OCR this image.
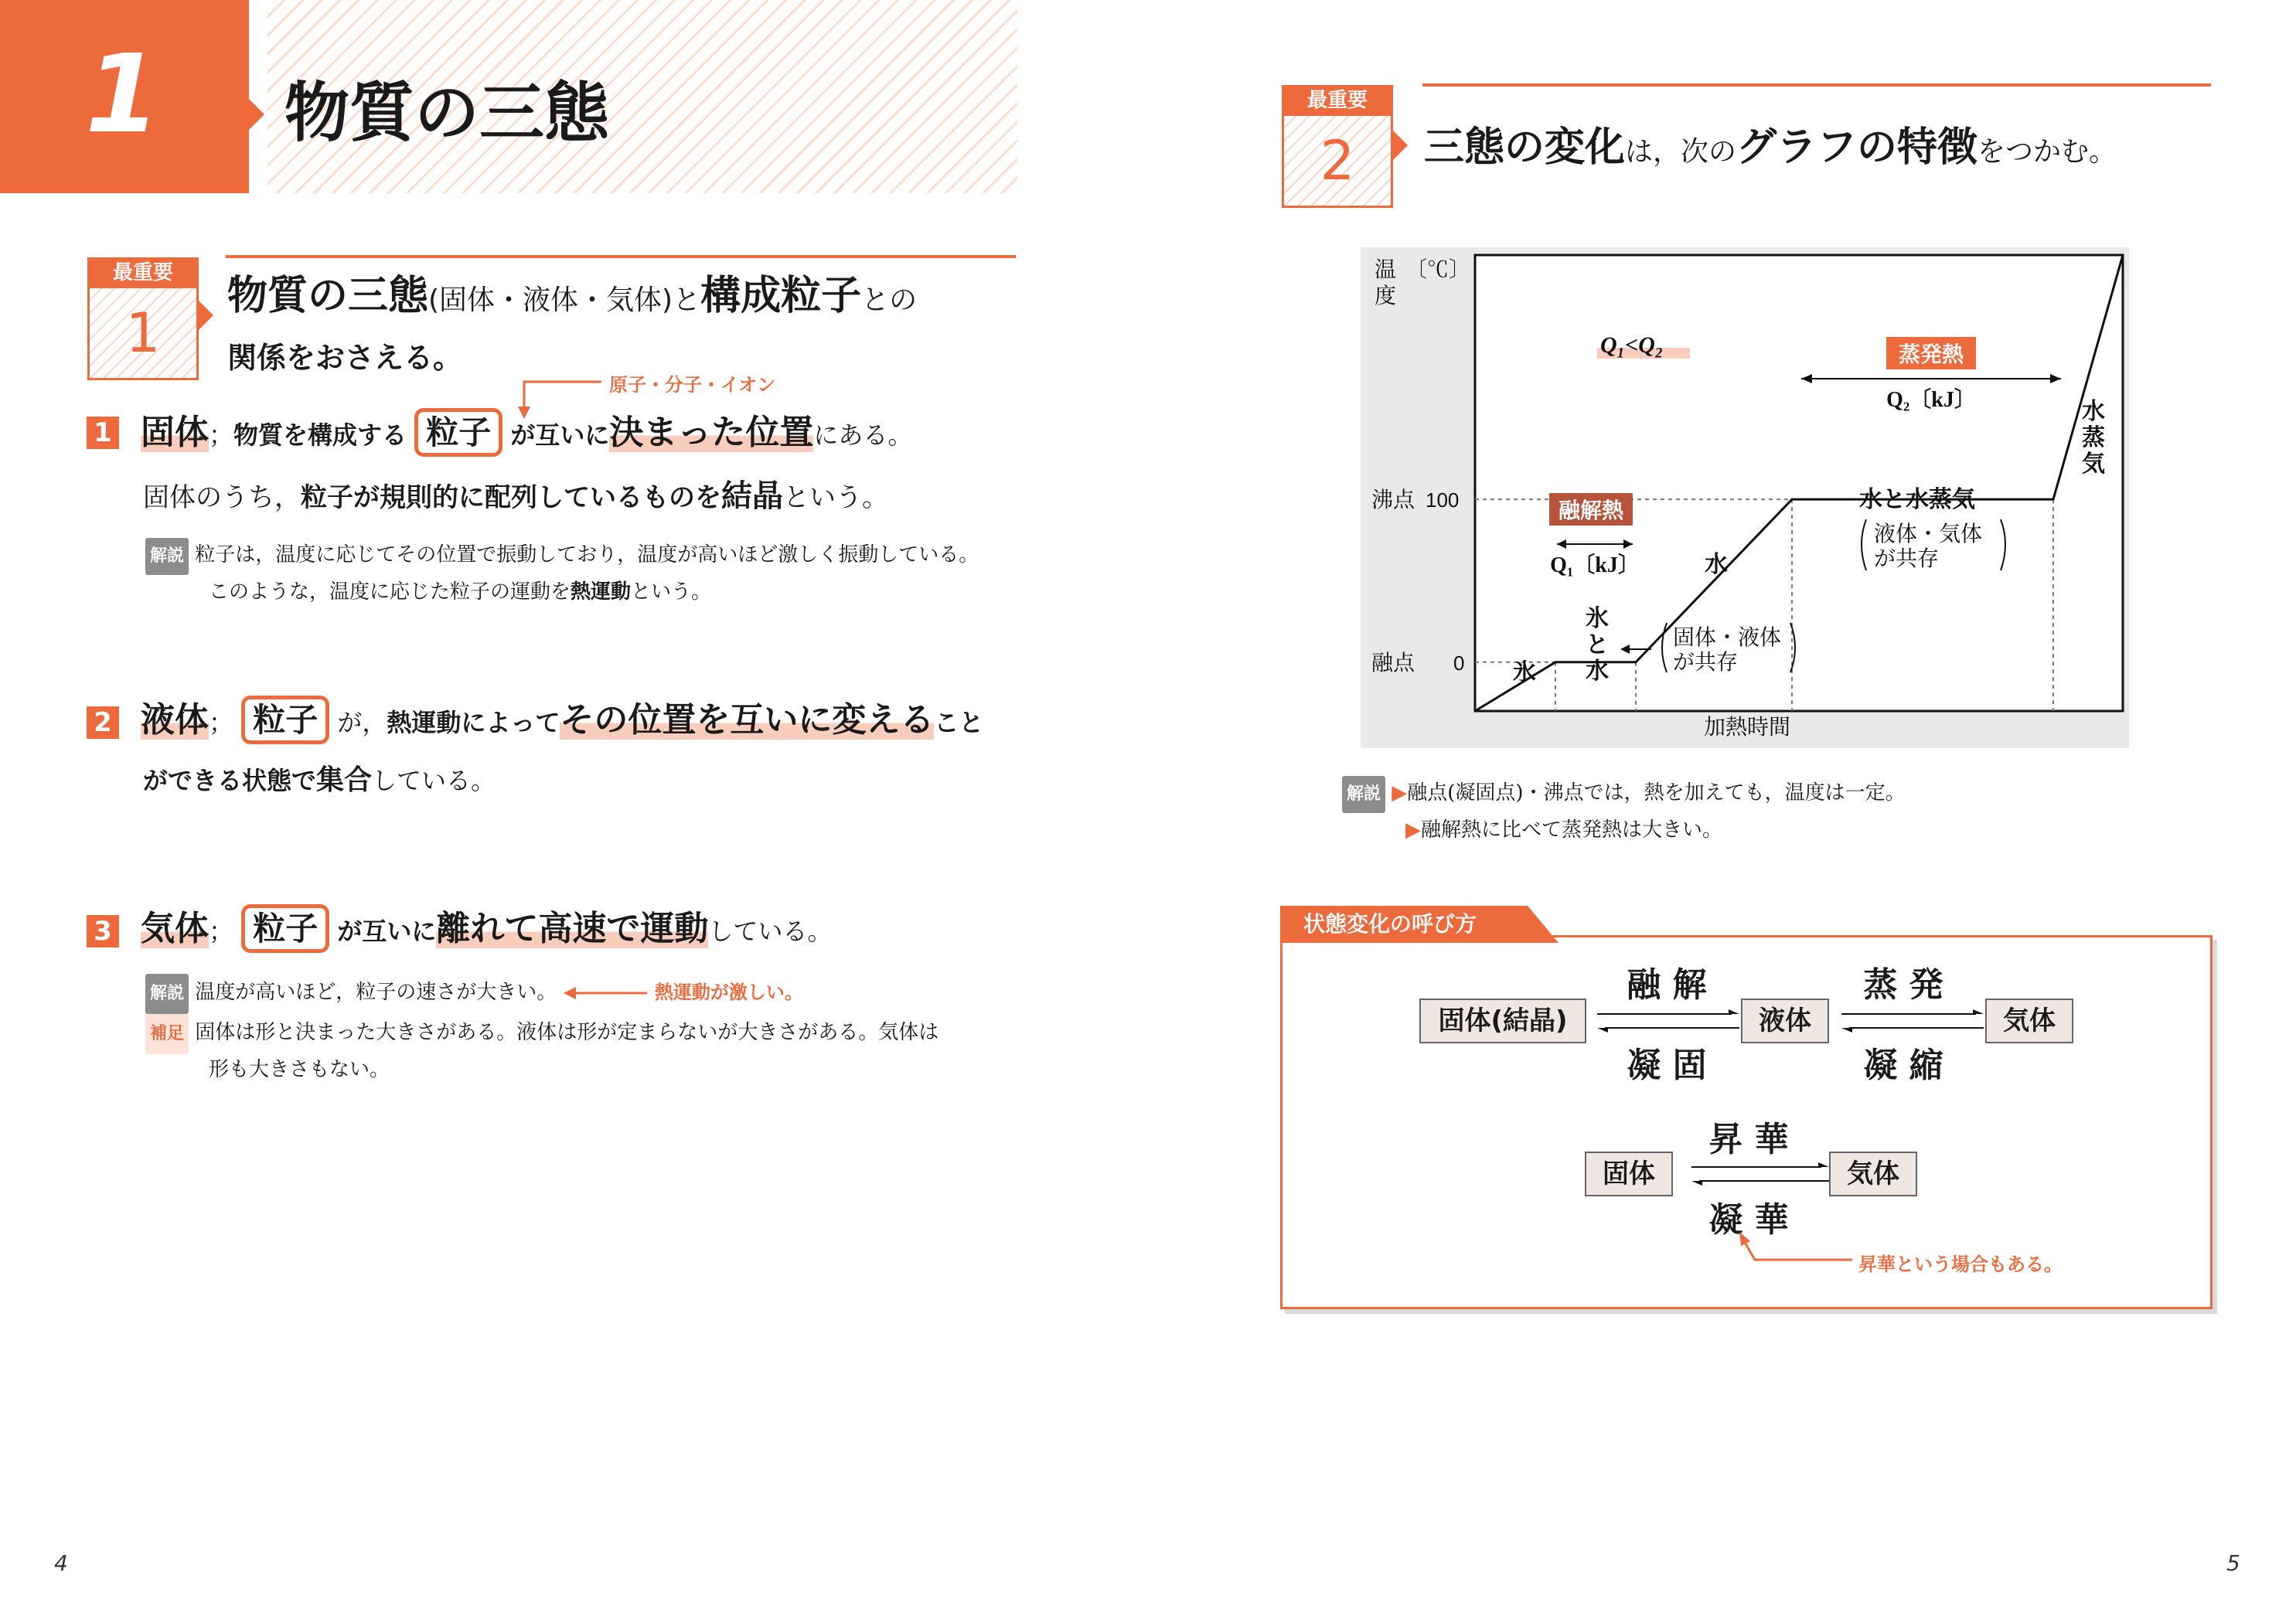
1 物質の三態
最重要
1
物質の三態(固体・液体・気体)と構成粒子との
関係をおさえる。
原子・分子・イオン
1 固体；物質を構成する 粒子 が互いに決まった位置にある。
固体のうち，粒子が規則的に配列しているものを結晶という。
解説 粒子は，温度に応じてその位置で振動しており，温度が高いほど激しく振動している。
このような，温度に応じた粒子の運動を熱運動という。
2 液体； 粒子 が，熱運動によってその位置を互いに変えること
ができる状態で集合している。
3 気体； 粒子 が互いに離れて高速で運動している。
解説 温度が高いほど，粒子の速さが大きい。	熱運動が激しい。
補足 固体は形と決まった大きさがある。液体は形が定まらないが大きさがある。気体は
形も大きさもない。
4
最重要
2	三態の変化は，次のグラフの特徴をつかむ。
温
度
〔℃〕
沸点 100
融点 0
加熱時間
Q₁<Q₂
融解熱
Q₁〔kJ〕
蒸発熱
Q₂〔kJ〕
氷
氷
と
水
固体・液体
が共存
水
水と水蒸気
液体・気体
が共存
水
蒸
気
解説 ▶融点(凝固点)・沸点では，熱を加えても，温度は一定。
▶融解熱に比べて蒸発熱は大きい。
状態変化の呼び方
固体(結晶)	液体	気体
固体	気体
融 解
凝 固
蒸 発
凝 縮
昇 華
凝 華
昇華という場合もある。
5
